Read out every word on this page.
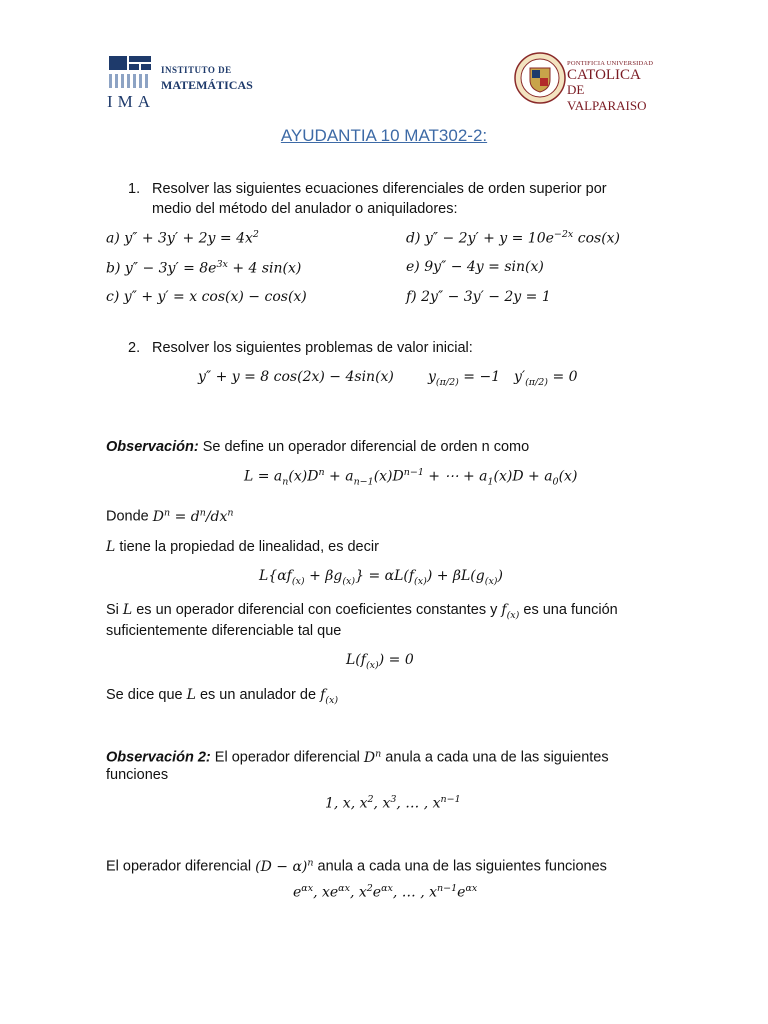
IMA
INSTITUTO DE
MATEMÁTICAS
PONTIFICIA UNIVERSIDAD
CATOLICA
DE VALPARAISO
AYUDANTIA 10 MAT302-2:
1. Resolver las siguientes ecuaciones diferenciales de orden superior por
medio del método del anulador o aniquiladores:
a) $y'' + 3y' + 2y = 4x^2$
b) $y'' - 3y' = 8e^{3x} + 4$ sin(x)
c) y″ + y′ = x cos(x) − cos(x)
d) $y'' - 2y' + y = 10e^{-2x}$ cos(x)
e) 9y″ − 4y = sin(x)
f) 2y″ − 3y′ − 2y = 1
2. Resolver los siguientes problemas de valor inicial:
y″ + y = 8 cos(2x) − 4sin(x) $y_{(\pi/2)} = -1$ $y'_{(\pi/2)} = 0$
Observación: Se define un operador diferencial de orden n como
$L = a_n(x)D^n + a_{n-1}(x)D^{n-1}$ + ⋯ + $a_1(x)D + a_0(x)$
Donde $D^n = d^n/dx^n$
L tiene la propiedad de linealidad, es decir
$L\{\alpha f_{(x)} + \beta g_{(x)}\} = \alpha L(f_{(x)}) + \beta L(g_{(x)})$
Si L es un operador diferencial con coeficientes constantes y $f_{(x)}$ es una función
suficientemente diferenciable tal que
$L(f_{(x)}) = 0$
Se dice que L es un anulador de $f_{(x)}$
Observación 2: El operador diferencial $D^n$ anula a cada una de las siguientes
funciones
1, x, $x^2$, $x^3$, … , $x^{n-1}$
El operador diferencial $(D - \alpha)^n$ anula a cada una de las siguientes funciones
$e^{\alpha x}$, $xe^{\alpha x}$, $x^2e^{\alpha x}$, … , $x^{n-1}e^{\alpha x}$
